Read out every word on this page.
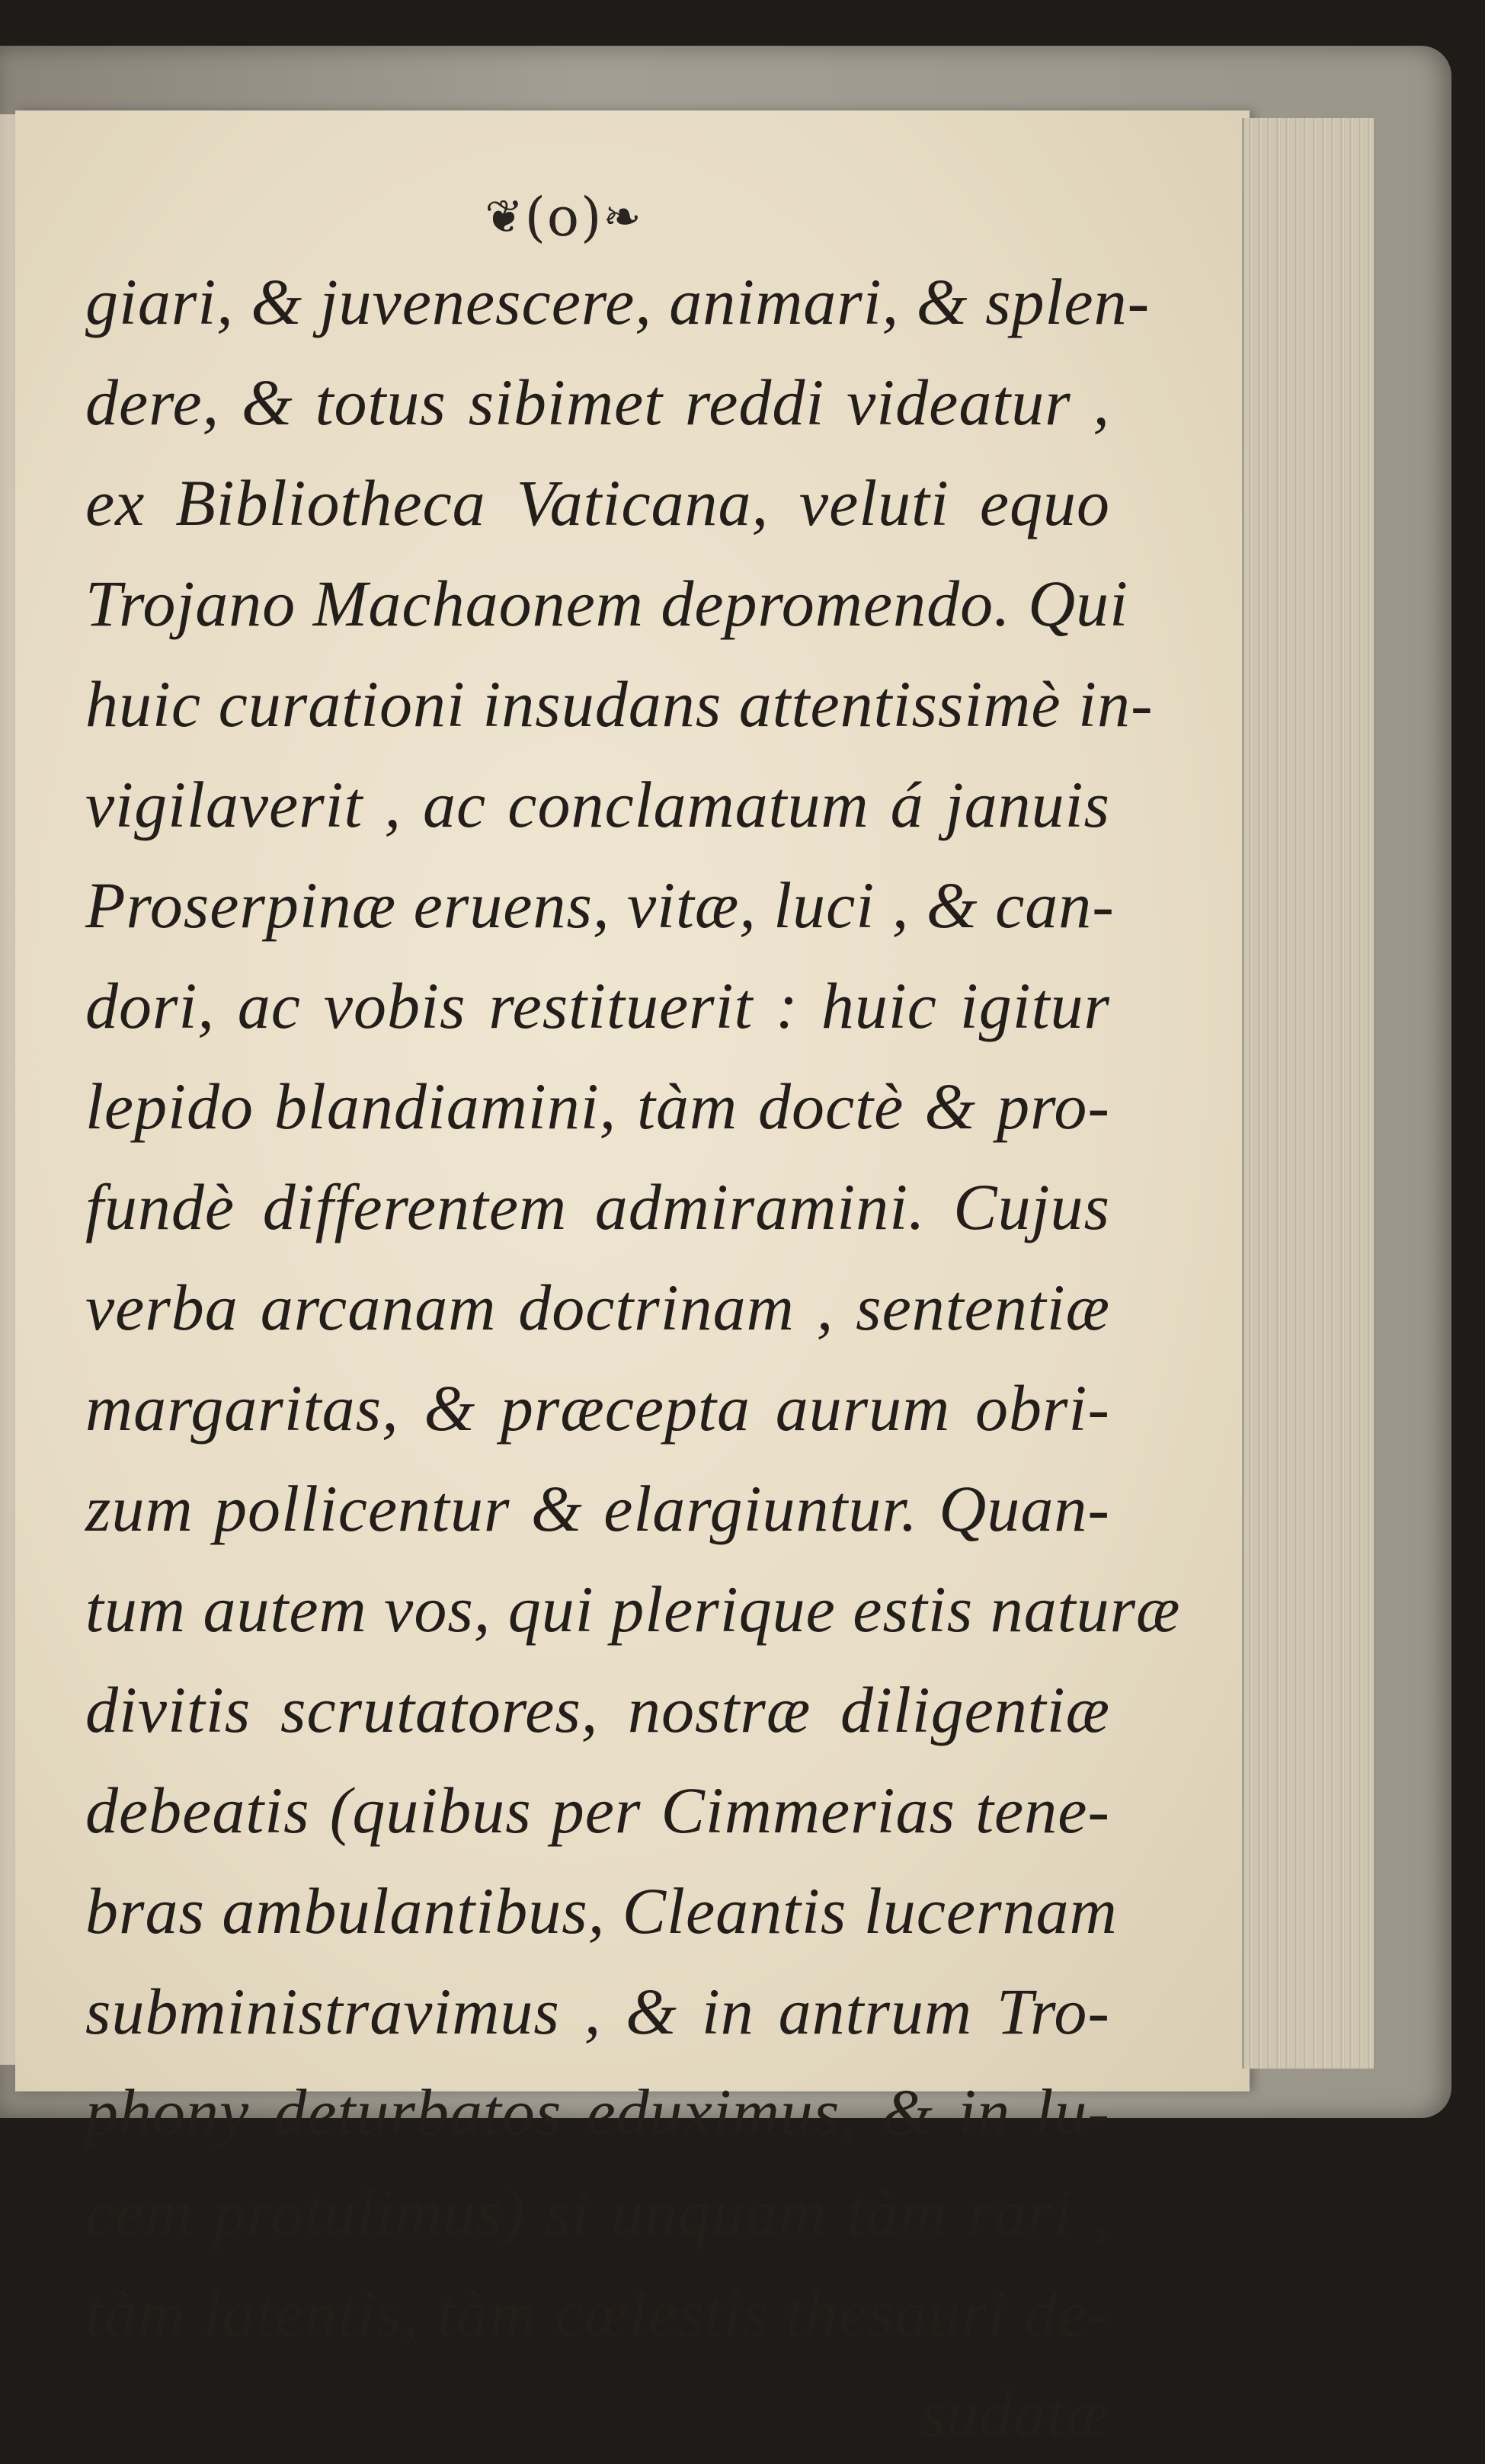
❦ (o) ❧
giari, & juvenescere, animari, & splen-
dere, & totus sibimet reddi videatur ,
ex Bibliotheca Vaticana, veluti equo
Trojano Machaonem depromendo. Qui
huic curationi insudans attentissimè in-
vigilaverit , ac conclamatum á januis
Proserpinæ eruens, vitæ, luci , & can-
dori, ac vobis restituerit : huic igitur
lepido blandiamini, tàm doctè & pro-
fundè differentem admiramini. Cujus
verba arcanam doctrinam , sententiæ
margaritas, & præcepta aurum obri-
zum pollicentur & elargiuntur. Quan-
tum autem vos, qui plerique estis naturæ
divitis scrutatores, nostræ diligentiæ
debeatis (quibus per Cimmerias tene-
bras ambulantibus, Cleantis lucernam
subministravimus , & in antrum Tro-
phony deturbatos eduximus, & in lu-
cem protulimus) si unquam tàm rari ,
tàm latentis, tàm cœlestis thesauri de-
sudatæ
